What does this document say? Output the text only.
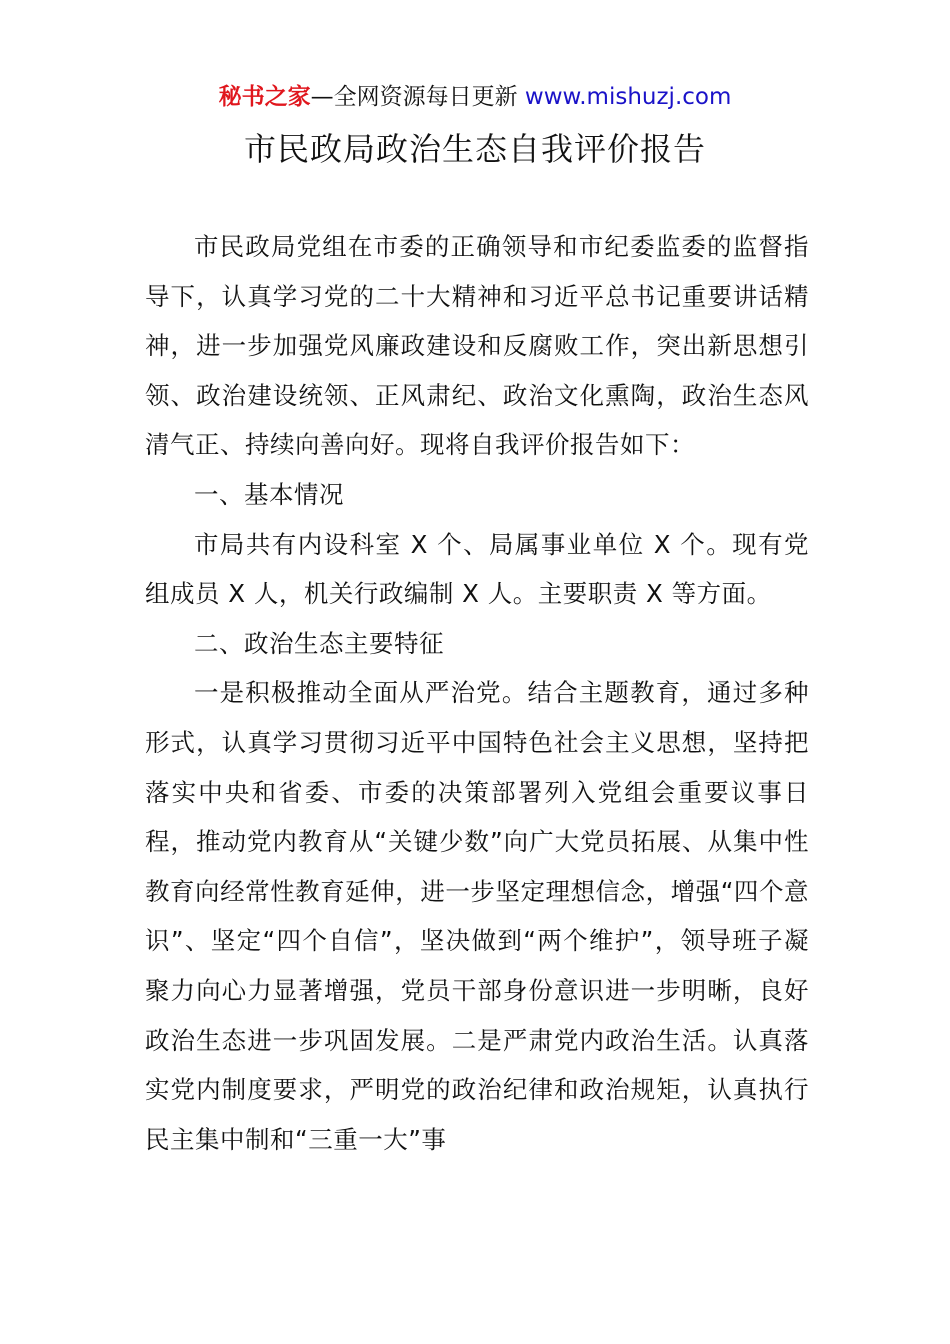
秘书之家—全网资源每日更新 www.mishuzj.com
市民政局政治生态自我评价报告

市民政局党组在市委的正确领导和市纪委监委的监督指导下，认真学习党的二十大精神和习近平总书记重要讲话精神，进一步加强党风廉政建设和反腐败工作，突出新思想引领、政治建设统领、正风肃纪、政治文化熏陶，政治生态风清气正、持续向善向好。现将自我评价报告如下：

一、基本情况

市局共有内设科室 X 个、局属事业单位 X 个。现有党组成员 X 人，机关行政编制 X 人。主要职责 X 等方面。

二、政治生态主要特征

一是积极推动全面从严治党。结合主题教育，通过多种形式，认真学习贯彻习近平中国特色社会主义思想，坚持把落实中央和省委、市委的决策部署列入党组会重要议事日程，推动党内教育从“关键少数”向广大党员拓展、从集中性教育向经常性教育延伸，进一步坚定理想信念，增强“四个意识”、坚定“四个自信”，坚决做到“两个维护”，领导班子凝聚力向心力显著增强，党员干部身份意识进一步明晰，良好政治生态进一步巩固发展。二是严肃党内政治生活。认真落实党内制度要求，严明党的政治纪律和政治规矩，认真执行民主集中制和“三重一大”事
